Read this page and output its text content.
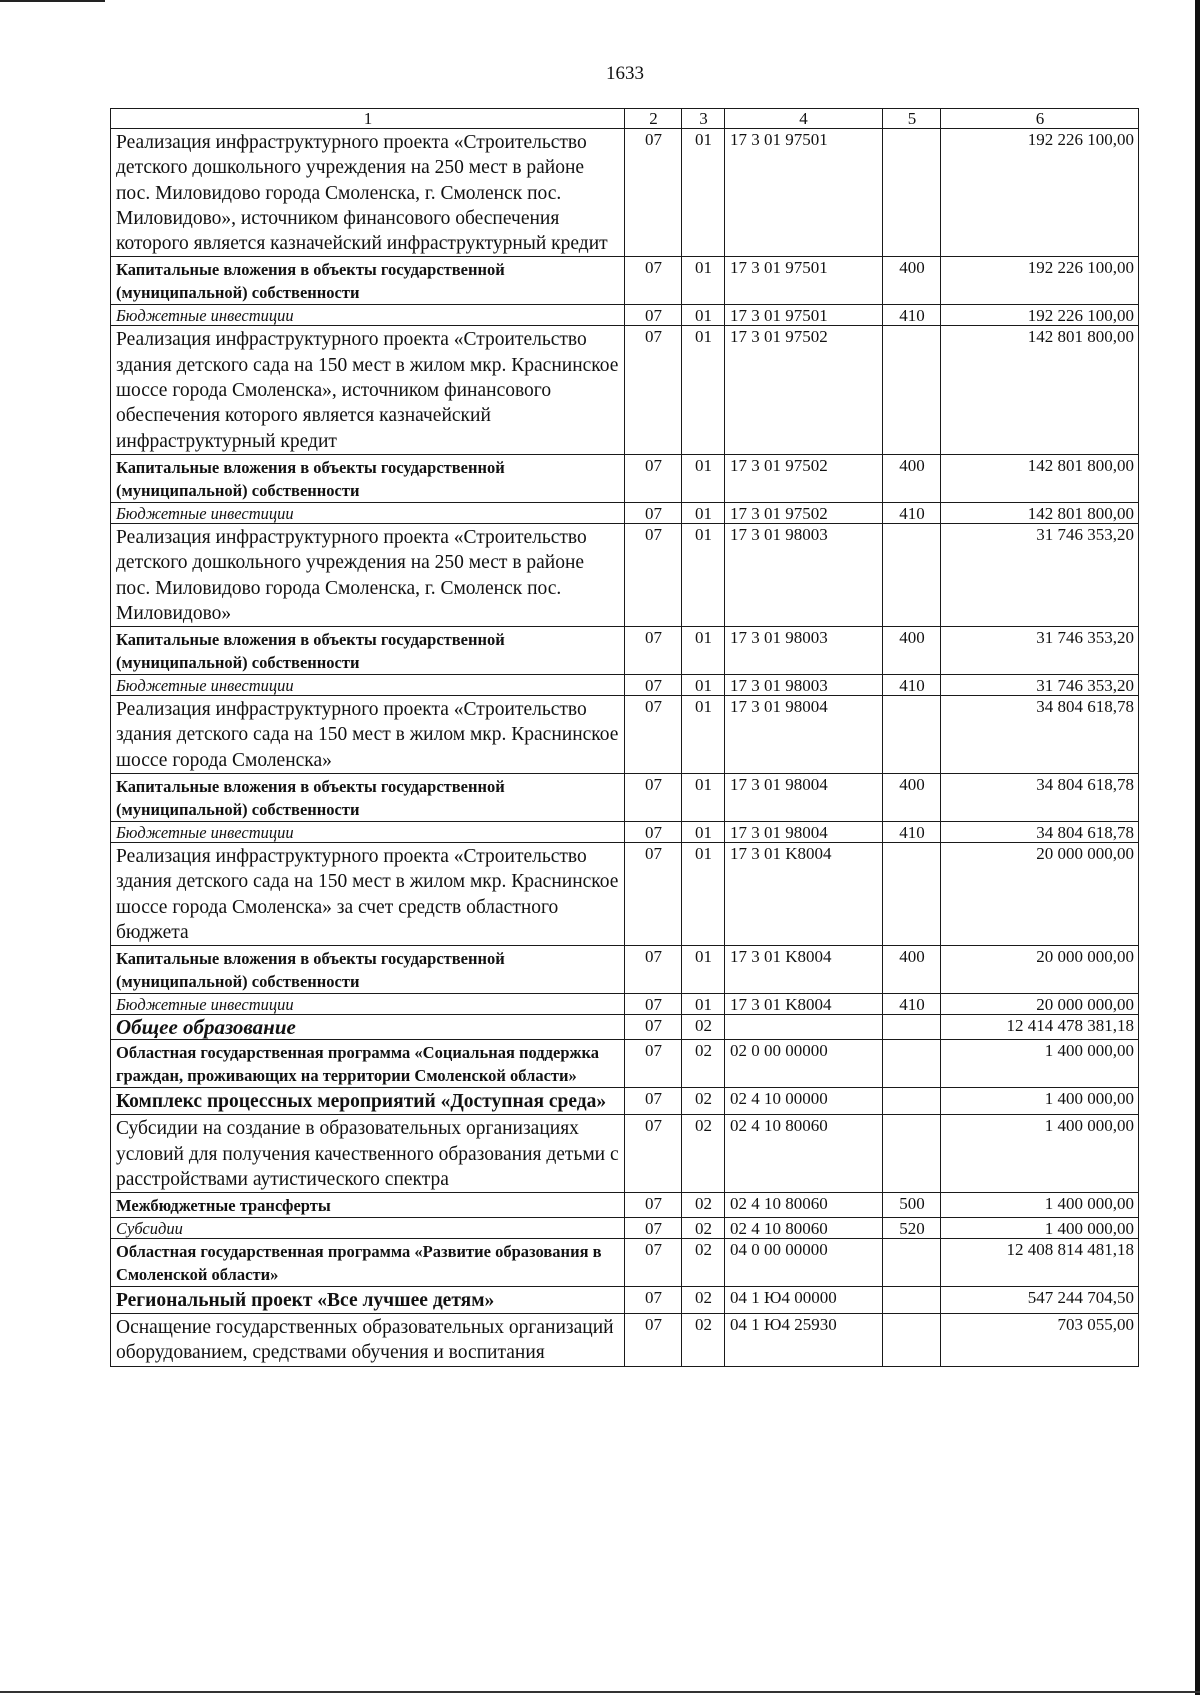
1633
1	2	3	4	5	6
Реализация инфраструктурного проекта «Строительство детского дошкольного учреждения на 250 мест в районе пос. Миловидово города Смоленска, г. Смоленск пос. Миловидово», источником финансового обеспечения которого является казначейский инфраструктурный кредит	07	01	17 3 01 97501		192 226 100,00
Капитальные вложения в объекты государственной (муниципальной) собственности	07	01	17 3 01 97501	400	192 226 100,00
Бюджетные инвестиции	07	01	17 3 01 97501	410	192 226 100,00
Реализация инфраструктурного проекта «Строительство здания детского сада на 150 мест в жилом мкр. Краснинское шоссе города Смоленска», источником финансового обеспечения которого является казначейский инфраструктурный кредит	07	01	17 3 01 97502		142 801 800,00
Капитальные вложения в объекты государственной (муниципальной) собственности	07	01	17 3 01 97502	400	142 801 800,00
Бюджетные инвестиции	07	01	17 3 01 97502	410	142 801 800,00
Реализация инфраструктурного проекта «Строительство детского дошкольного учреждения на 250 мест в районе пос. Миловидово города Смоленска, г. Смоленск пос. Миловидово»	07	01	17 3 01 98003		31 746 353,20
Капитальные вложения в объекты государственной (муниципальной) собственности	07	01	17 3 01 98003	400	31 746 353,20
Бюджетные инвестиции	07	01	17 3 01 98003	410	31 746 353,20
Реализация инфраструктурного проекта «Строительство здания детского сада на 150 мест в жилом мкр. Краснинское шоссе города Смоленска»	07	01	17 3 01 98004		34 804 618,78
Капитальные вложения в объекты государственной (муниципальной) собственности	07	01	17 3 01 98004	400	34 804 618,78
Бюджетные инвестиции	07	01	17 3 01 98004	410	34 804 618,78
Реализация инфраструктурного проекта «Строительство здания детского сада на 150 мест в жилом мкр. Краснинское шоссе города Смоленска» за счет средств областного бюджета	07	01	17 3 01 K8004		20 000 000,00
Капитальные вложения в объекты государственной (муниципальной) собственности	07	01	17 3 01 K8004	400	20 000 000,00
Бюджетные инвестиции	07	01	17 3 01 K8004	410	20 000 000,00
Общее образование	07	02			12 414 478 381,18
Областная государственная программа «Социальная поддержка граждан, проживающих на территории Смоленской области»	07	02	02 0 00 00000		1 400 000,00
Комплекс процессных мероприятий «Доступная среда»	07	02	02 4 10 00000		1 400 000,00
Субсидии на создание в образовательных организациях условий для получения качественного образования детьми с расстройствами аутистического спектра	07	02	02 4 10 80060		1 400 000,00
Межбюджетные трансферты	07	02	02 4 10 80060	500	1 400 000,00
Субсидии	07	02	02 4 10 80060	520	1 400 000,00
Областная государственная программа «Развитие образования в Смоленской области»	07	02	04 0 00 00000		12 408 814 481,18
Региональный проект «Все лучшее детям»	07	02	04 1 Ю4 00000		547 244 704,50
Оснащение государственных образовательных организаций оборудованием, средствами обучения и воспитания	07	02	04 1 Ю4 25930		703 055,00
